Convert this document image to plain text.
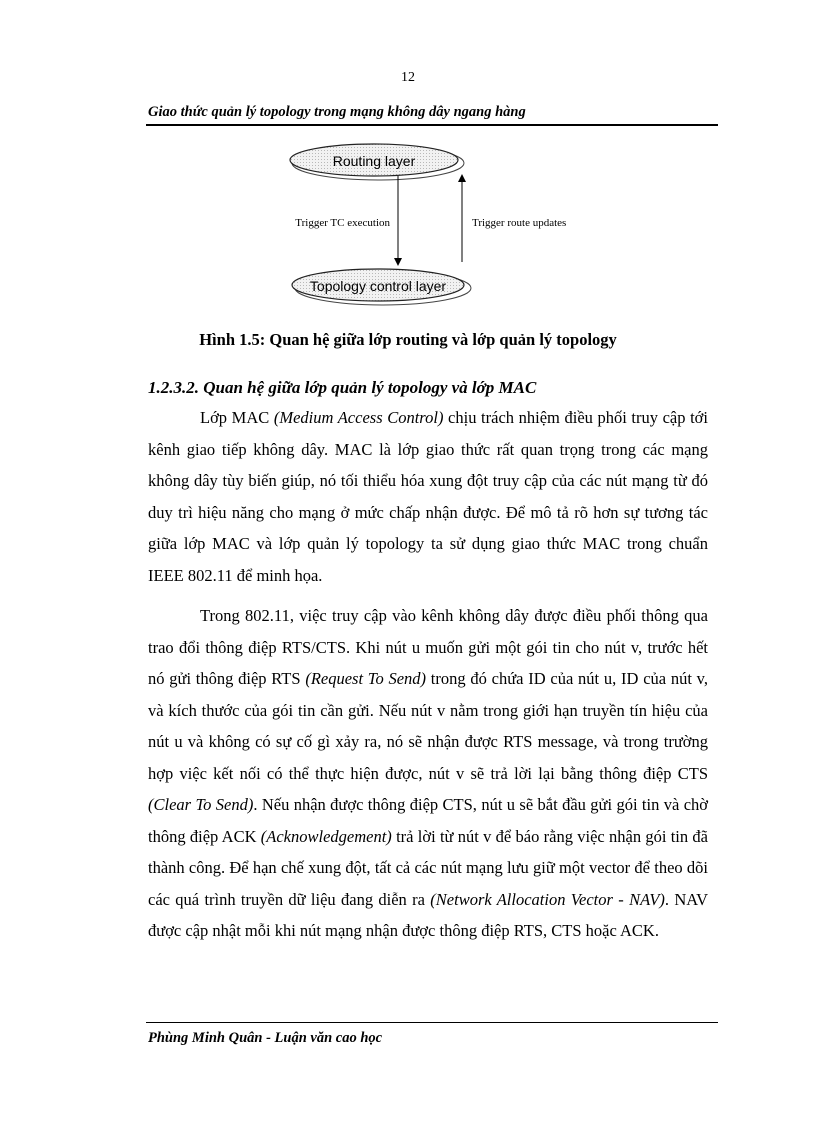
12
Giao thức quản lý topology trong mạng không dây ngang hàng
Routing layer
Topology control layer
Trigger TC execution	Trigger route updates
Hình 1.5: Quan hệ giữa lớp routing và lớp quản lý topology
1.2.3.2. Quan hệ giữa lớp quản lý topology và lớp MAC

Lớp MAC (Medium Access Control) chịu trách nhiệm điều phối truy cập tới kênh giao tiếp không dây. MAC là lớp giao thức rất quan trọng trong các mạng không dây tùy biến giúp, nó tối thiểu hóa xung đột truy cập của các nút mạng từ đó duy trì hiệu năng cho mạng ở mức chấp nhận được. Để mô tả rõ hơn sự tương tác giữa lớp MAC và lớp quản lý topology ta sử dụng giao thức MAC trong chuẩn IEEE 802.11 để minh họa.

Trong 802.11, việc truy cập vào kênh không dây được điều phối thông qua trao đổi thông điệp RTS/CTS. Khi nút u muốn gửi một gói tin cho nút v, trước hết nó gửi thông điệp RTS (Request To Send) trong đó chứa ID của nút u, ID của nút v, và kích thước của gói tin cần gửi. Nếu nút v nằm trong giới hạn truyền tín hiệu của nút u và không có sự cố gì xảy ra, nó sẽ nhận được RTS message, và trong trường hợp việc kết nối có thể thực hiện được, nút v sẽ trả lời lại bằng thông điệp CTS (Clear To Send). Nếu nhận được thông điệp CTS, nút u sẽ bắt đầu gửi gói tin và chờ thông điệp ACK (Acknowledgement) trả lời từ nút v để báo rằng việc nhận gói tin đã thành công. Để hạn chế xung đột, tất cả các nút mạng lưu giữ một vector để theo dõi các quá trình truyền dữ liệu đang diễn ra (Network Allocation Vector - NAV). NAV được cập nhật mỗi khi nút mạng nhận được thông điệp RTS, CTS hoặc ACK.

Phùng Minh Quân - Luận văn cao học
